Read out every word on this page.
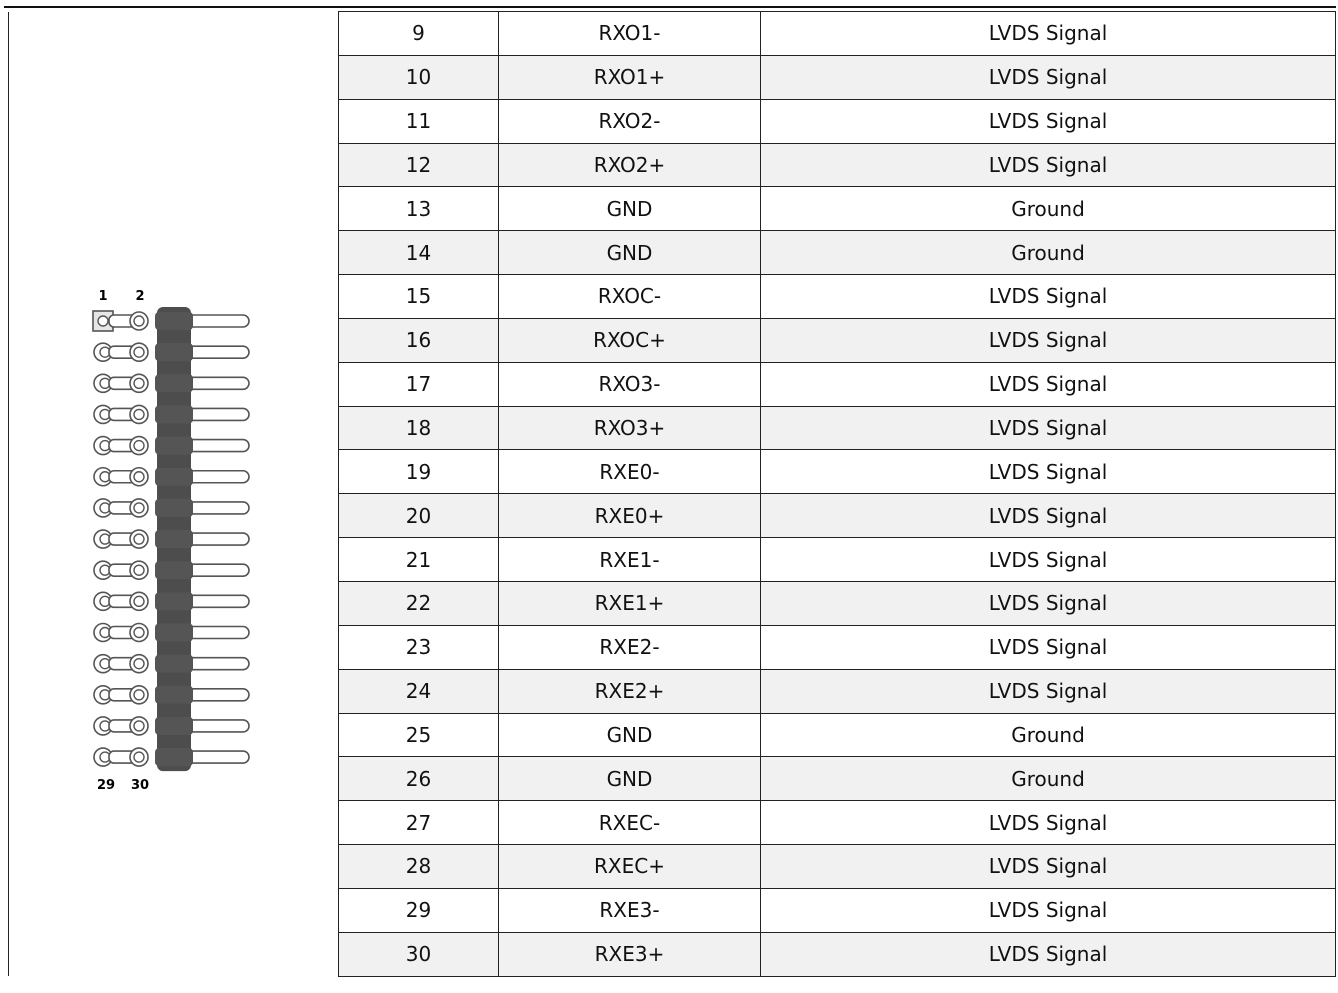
1 2
29 30	9	RXO1-	LVDS Signal
	10	RXO1+	LVDS Signal
	11	RXO2-	LVDS Signal
	12	RXO2+	LVDS Signal
	13	GND	Ground
	14	GND	Ground
	15	RXOC-	LVDS Signal
	16	RXOC+	LVDS Signal
	17	RXO3-	LVDS Signal
	18	RXO3+	LVDS Signal
	19	RXE0-	LVDS Signal
	20	RXE0+	LVDS Signal
	21	RXE1-	LVDS Signal
	22	RXE1+	LVDS Signal
	23	RXE2-	LVDS Signal
	24	RXE2+	LVDS Signal
	25	GND	Ground
	26	GND	Ground
	27	RXEC-	LVDS Signal
	28	RXEC+	LVDS Signal
	29	RXE3-	LVDS Signal
	30	RXE3+	LVDS Signal
